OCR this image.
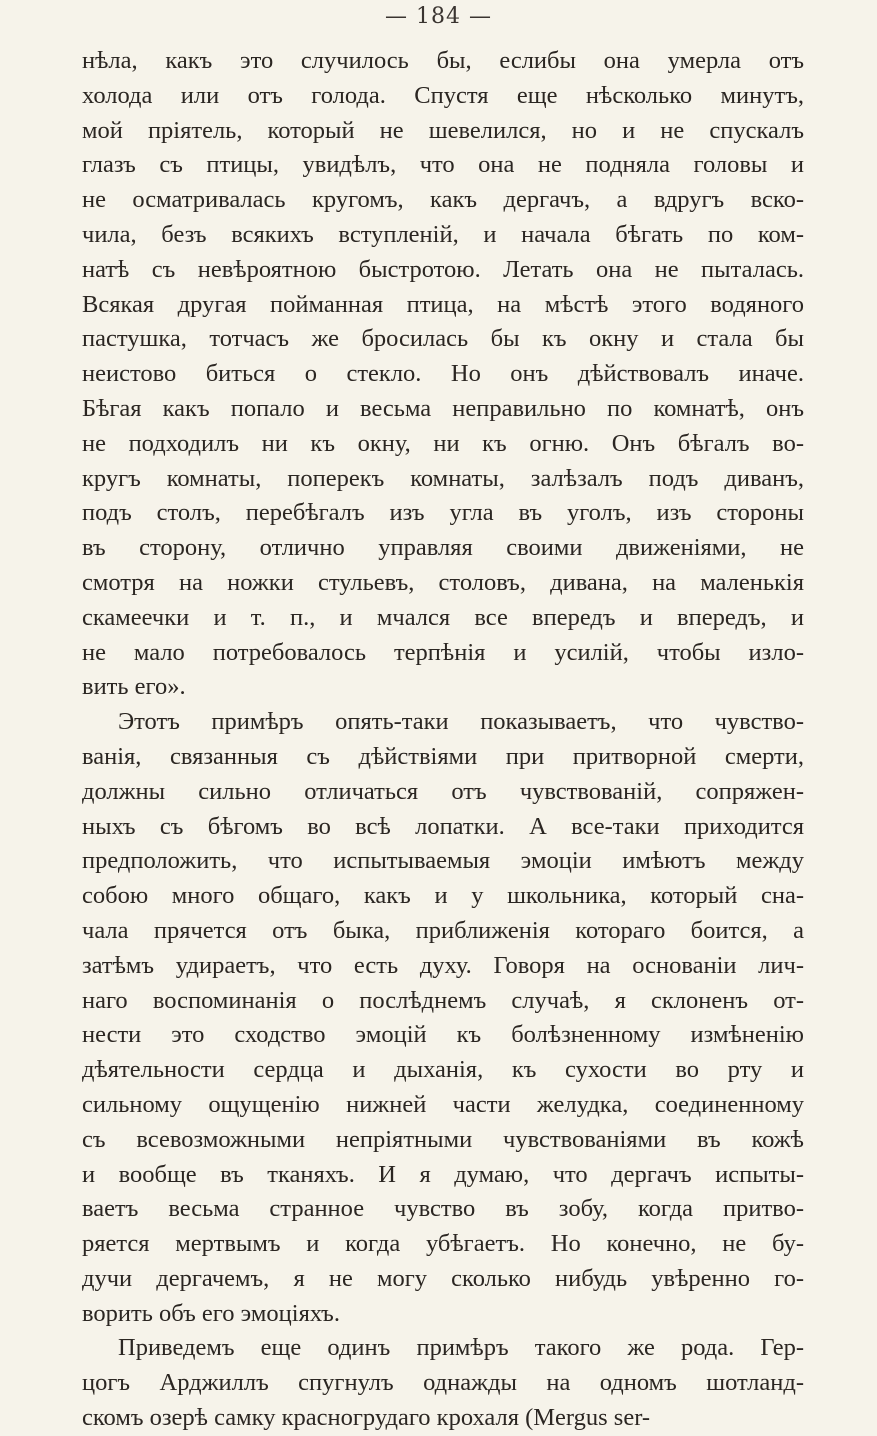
— 184 —
нѣла, какъ это случилось бы, еслибы она умерла отъ
холода или отъ голода. Спустя еще нѣсколько минутъ,
мой пріятель, который не шевелился, но и не спускалъ
глазъ съ птицы, увидѣлъ, что она не подняла головы и
не осматривалась кругомъ, какъ дергачъ, а вдругъ вско-
чила, безъ всякихъ вступленій, и начала бѣгать по ком-
натѣ съ невѣроятною быстротою. Летать она не пыталась.
Всякая другая пойманная птица, на мѣстѣ этого водяного
пастушка, тотчасъ же бросилась бы къ окну и стала бы
неистово биться о стекло. Но онъ дѣйствовалъ иначе.
Бѣгая какъ попало и весьма неправильно по комнатѣ, онъ
не подходилъ ни къ окну, ни къ огню. Онъ бѣгалъ во-
кругъ комнаты, поперекъ комнаты, залѣзалъ подъ диванъ,
подъ столъ, перебѣгалъ изъ угла въ уголъ, изъ стороны
въ сторону, отлично управляя своими движеніями, не
смотря на ножки стульевъ, столовъ, дивана, на маленькія
скамеечки и т. п., и мчался все впередъ и впередъ, и
не мало потребовалось терпѣнія и усилій, чтобы изло-
вить его».
Этотъ примѣръ опять-таки показываетъ, что чувство-
ванія, связанныя съ дѣйствіями при притворной смерти,
должны сильно отличаться отъ чувствованій, сопряжен-
ныхъ съ бѣгомъ во всѣ лопатки. А все-таки приходится
предположить, что испытываемыя эмоціи имѣютъ между
собою много общаго, какъ и у школьника, который сна-
чала прячется отъ быка, приближенія котораго боится, а
затѣмъ удираетъ, что есть духу. Говоря на основаніи лич-
наго воспоминанія о послѣднемъ случаѣ, я склоненъ от-
нести это сходство эмоцій къ болѣзненному измѣненію
дѣятельности сердца и дыханія, къ сухости во рту и
сильному ощущенію нижней части желудка, соединенному
съ всевозможными непріятными чувствованіями въ кожѣ
и вообще въ тканяхъ. И я думаю, что дергачъ испыты-
ваетъ весьма странное чувство въ зобу, когда притво-
ряется мертвымъ и когда убѣгаетъ. Но конечно, не бу-
дучи дергачемъ, я не могу сколько нибудь увѣренно го-
ворить объ его эмоціяхъ.
Приведемъ еще одинъ примѣръ такого же рода. Гер-
цогъ Арджиллъ спугнулъ однажды на одномъ шотланд-
скомъ озерѣ самку красногрудаго крохаля (Mergus ser-
